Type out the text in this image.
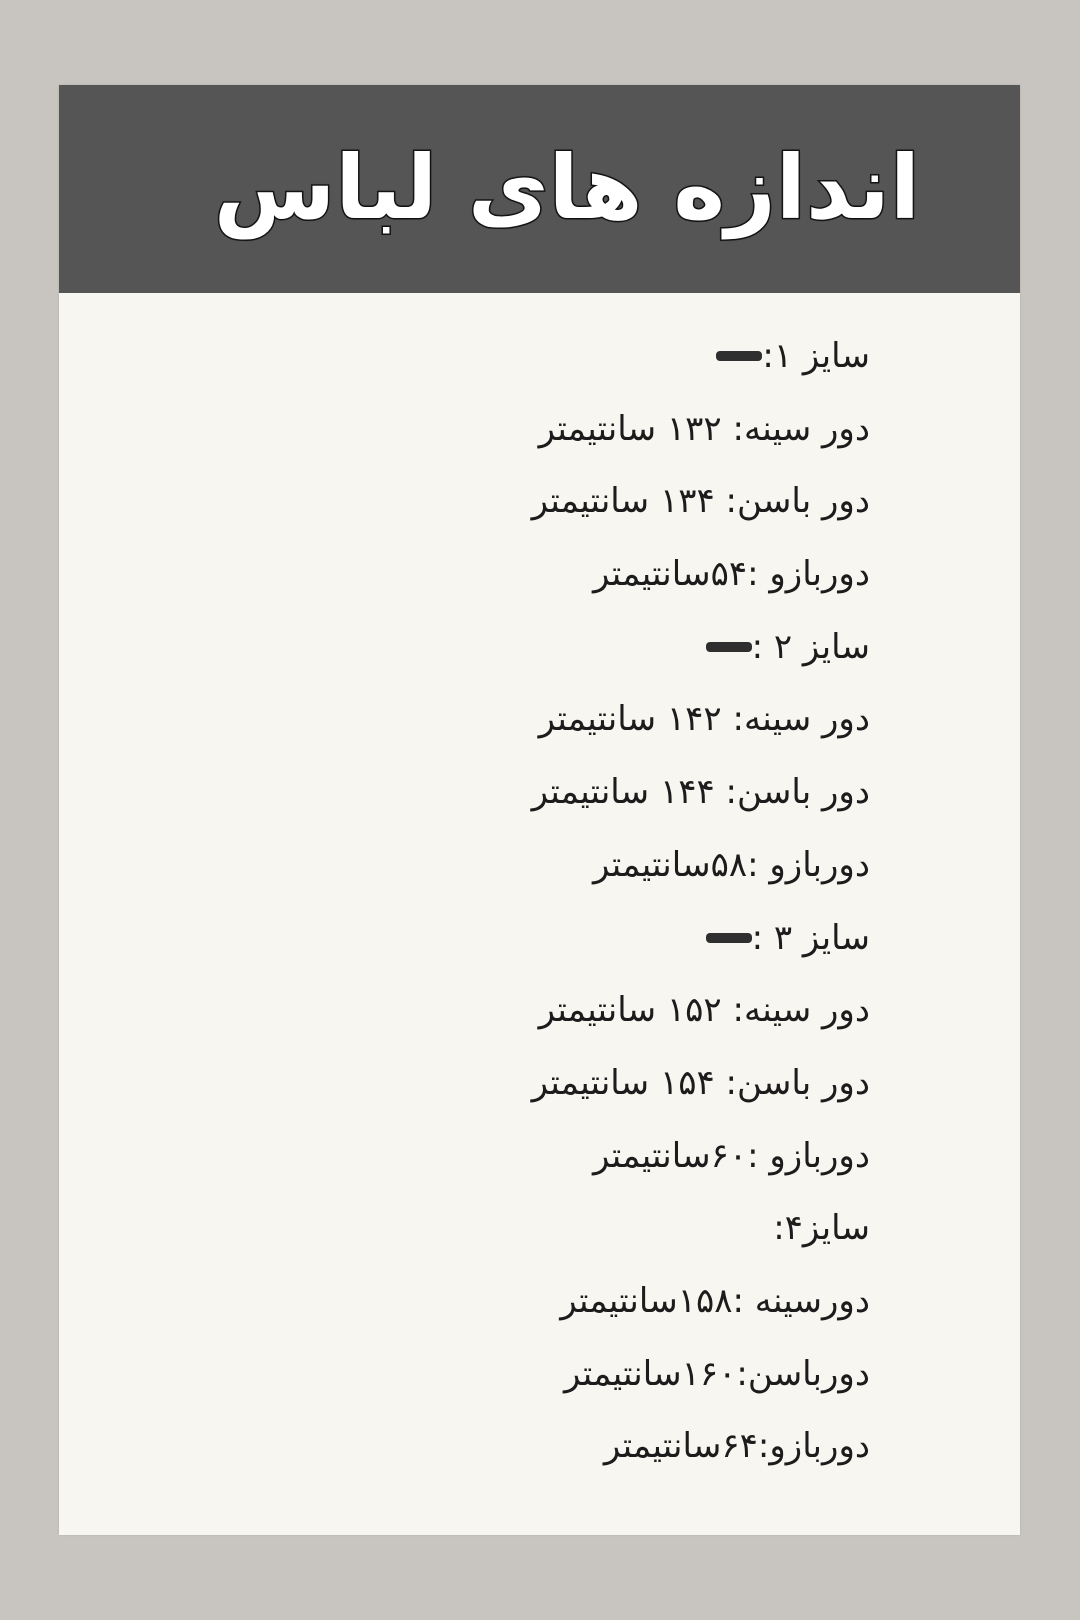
اندازه های لباس
سایز ۱:
دور سینه: ۱۳۲ سانتیمتر
دور باسن: ۱۳۴ سانتیمتر
دوربازو :۵۴سانتیمتر
سایز ۲ :
دور سینه: ۱۴۲ سانتیمتر
دور باسن: ۱۴۴ سانتیمتر
دوربازو :۵۸سانتیمتر
سایز ۳ :
دور سینه: ۱۵۲ سانتیمتر
دور باسن: ۱۵۴ سانتیمتر
دوربازو :۶۰سانتیمتر
سایز۴:
دورسینه :۱۵۸سانتیمتر
دورباسن:۱۶۰سانتیمتر
دوربازو:۶۴سانتیمتر
